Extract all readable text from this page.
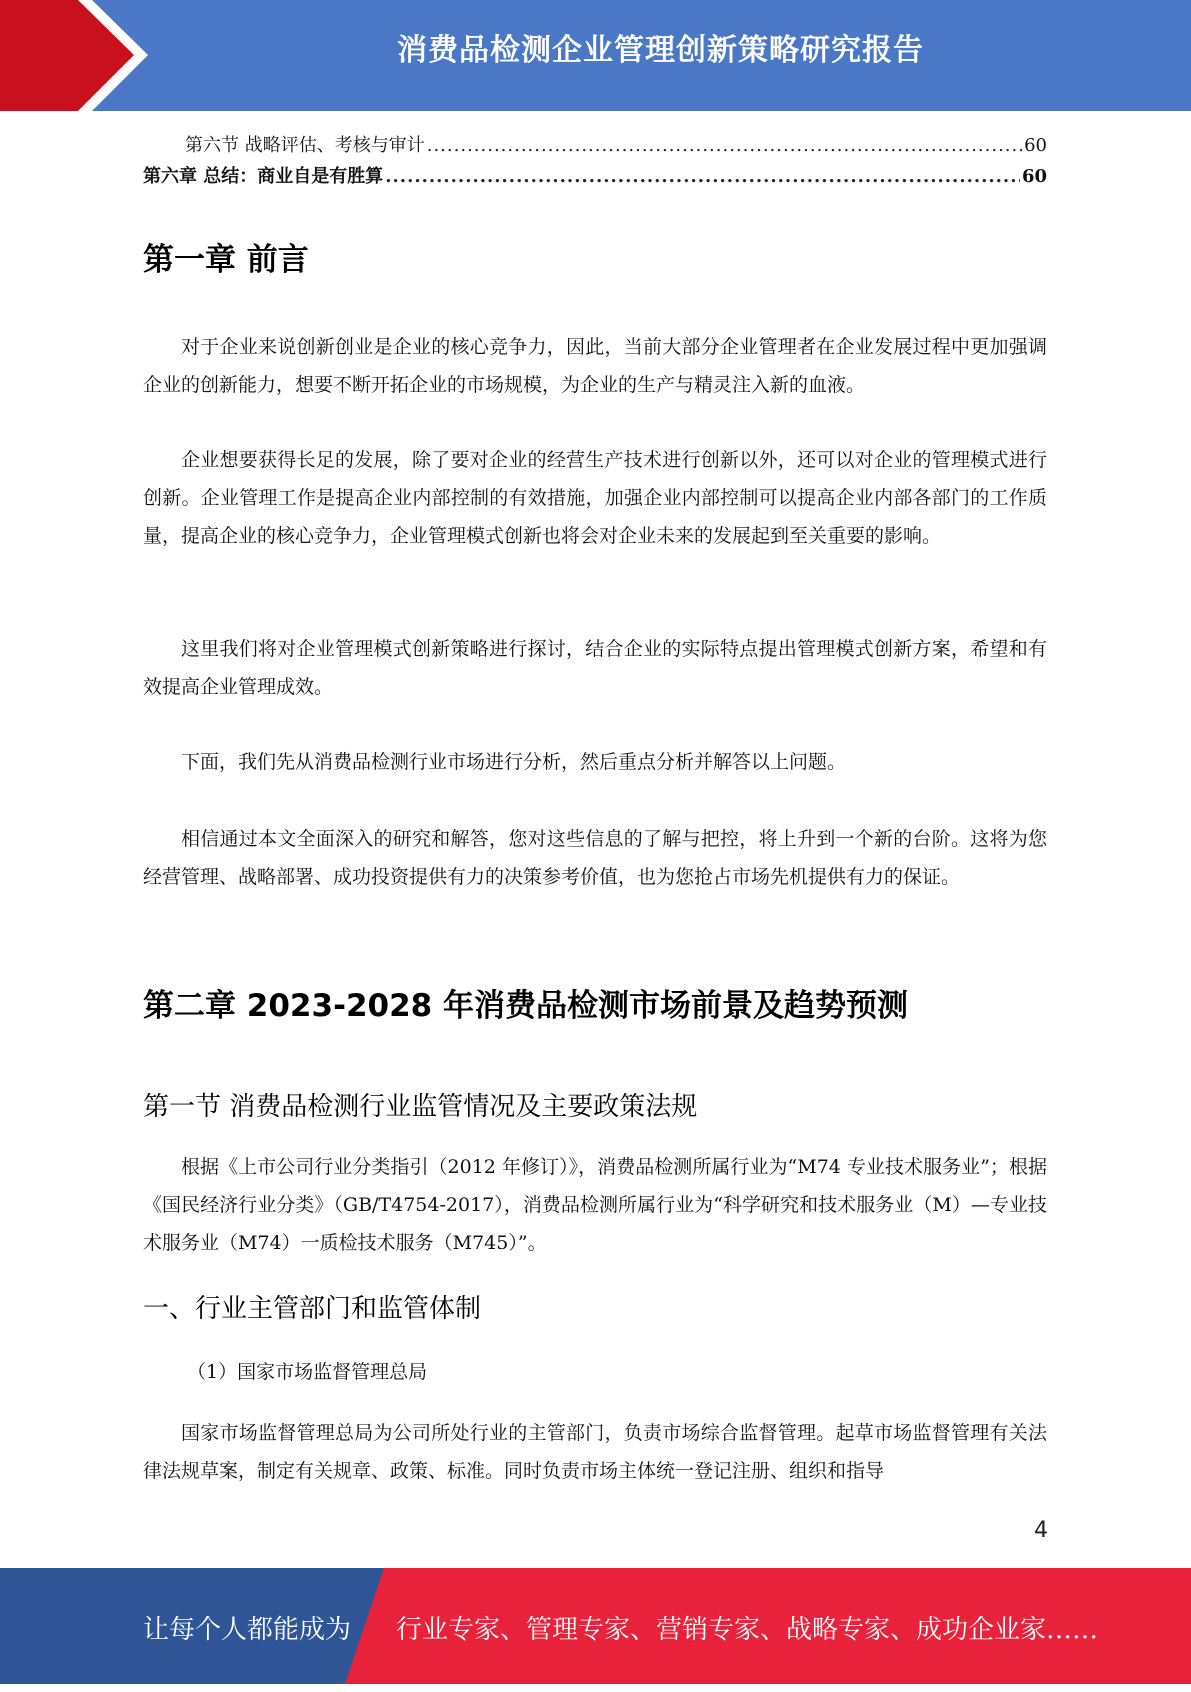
消费品检测企业管理创新策略研究报告
第六节 战略评估、考核与审计 .....	60
第六章 总结：商业自是有胜算 .....	60
第一章 前言

对于企业来说创新创业是企业的核心竞争力，因此，当前大部分企业管理者在企业发展过程中更加强调企业的创新能力，想要不断开拓企业的市场规模，为企业的生产与精灵注入新的血液。

企业想要获得长足的发展，除了要对企业的经营生产技术进行创新以外，还可以对企业的管理模式进行创新。企业管理工作是提高企业内部控制的有效措施，加强企业内部控制可以提高企业内部各部门的工作质量，提高企业的核心竞争力，企业管理模式创新也将会对企业未来的发展起到至关重要的影响。

这里我们将对企业管理模式创新策略进行探讨，结合企业的实际特点提出管理模式创新方案，希望和有效提高企业管理成效。

下面，我们先从消费品检测行业市场进行分析，然后重点分析并解答以上问题。

相信通过本文全面深入的研究和解答，您对这些信息的了解与把控，将上升到一个新的台阶。这将为您经营管理、战略部署、成功投资提供有力的决策参考价值，也为您抢占市场先机提供有力的保证。

第二章 2023-2028 年消费品检测市场前景及趋势预测
第一节 消费品检测行业监管情况及主要政策法规

根据《上市公司行业分类指引（2012 年修订）》，消费品检测所属行业为“M74 专业技术服务业”；根据《国民经济行业分类》（GB/T4754-2017），消费品检测所属行业为“科学研究和技术服务业（M）—专业技术服务业（M74）一质检技术服务（M745）”。

一、行业主管部门和监管体制
（1）国家市场监督管理总局

国家市场监督管理总局为公司所处行业的主管部门，负责市场综合监督管理。起草市场监督管理有关法律法规草案，制定有关规章、政策、标准。同时负责市场主体统一登记注册、组织和指导

4
让每个人都能成为 行业专家、管理专家、营销专家、战略专家、成功企业家……
